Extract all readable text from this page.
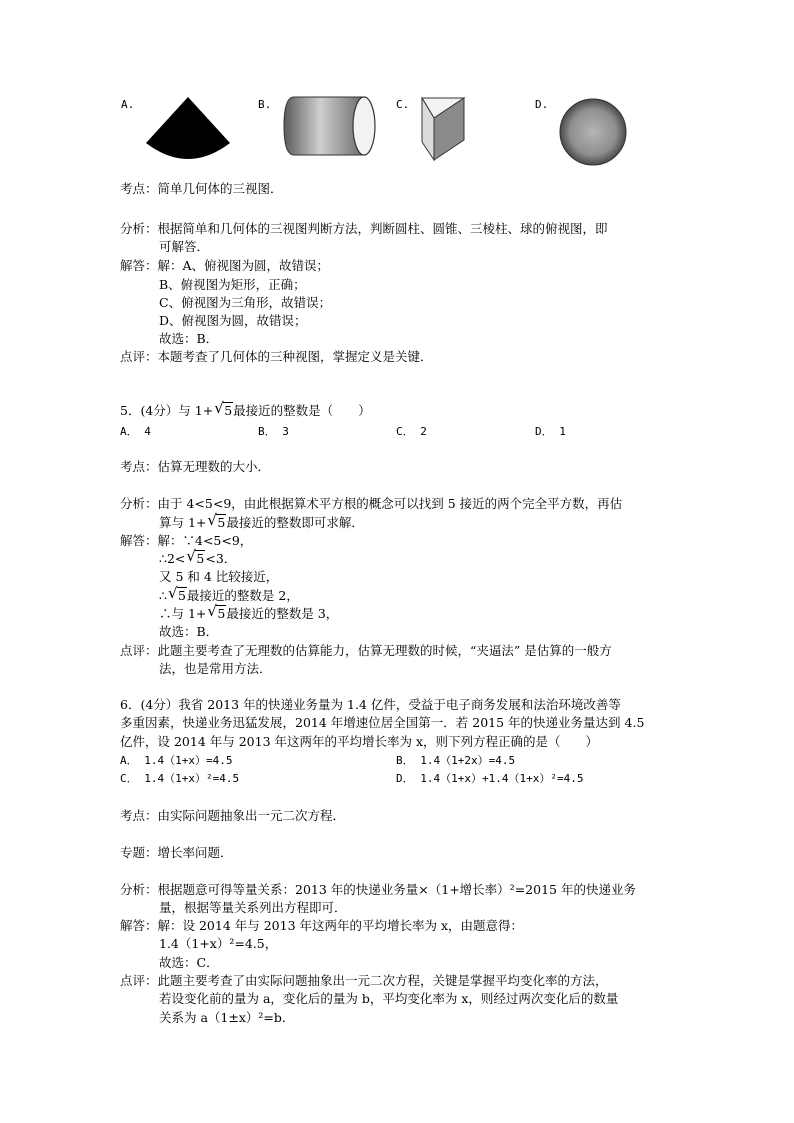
A.	B.	C.	D.
考点：简单几何体的三视图．
分析：根据简单和几何体的三视图判断方法，判断圆柱、圆锥、三棱柱、球的俯视图，即
可解答．
解答：解：A、俯视图为圆，故错误；
B、俯视图为矩形，正确；
C、俯视图为三角形，故错误；
D、俯视图为圆，故错误；
故选：B．
点评：本题考查了几何体的三种视图，掌握定义是关键．
5．(4分）与 1+ √ 5最接近的整数是（　　）
A． 4	B． 3	C． 2	D． 1
考点：估算无理数的大小．
分析：由于 4<5<9，由此根据算术平方根的概念可以找到 5 接近的两个完全平方数，再估
算与 1+ √ 5最接近的整数即可求解．
解答：解：∵4<5<9，
∴2< √ 5<3．
又 5 和 4 比较接近，
∴ √ 5最接近的整数是 2，
∴与 1+ √ 5最接近的整数是 3，
故选：B．
点评：此题主要考查了无理数的估算能力，估算无理数的时候，“夹逼法” 是估算的一般方
法，也是常用方法．
6．(4分）我省 2013 年的快递业务量为 1.4 亿件，受益于电子商务发展和法治环境改善等
多重因素，快递业务迅猛发展，2014 年增速位居全国第一．若 2015 年的快递业务量达到 4.5
亿件，设 2014 年与 2013 年这两年的平均增长率为 x，则下列方程正确的是（　　）
A． 1.4（1+x）=4.5	B． 1.4（1+2x）=4.5
C． 1.4（1+x）²=4.5	D． 1.4（1+x）+1.4（1+x）²=4.5
考点：由实际问题抽象出一元二次方程．
专题：增长率问题．
分析：根据题意可得等量关系：2013 年的快递业务量×（1+增长率）²=2015 年的快递业务
量，根据等量关系列出方程即可．
解答：解：设 2014 年与 2013 年这两年的平均增长率为 x，由题意得：
1.4（1+x）²=4.5，
故选：C．
点评：此题主要考查了由实际问题抽象出一元二次方程，关键是掌握平均变化率的方法，
若设变化前的量为 a，变化后的量为 b，平均变化率为 x，则经过两次变化后的数量
关系为 a（1±x）²=b．
